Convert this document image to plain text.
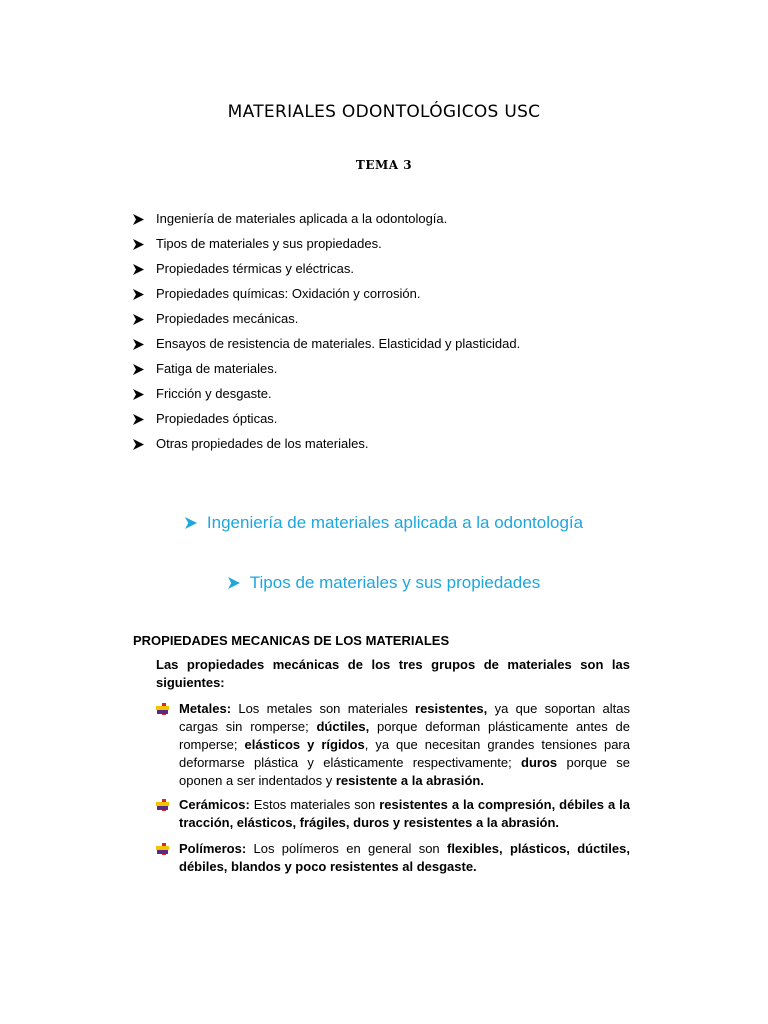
MATERIALES ODONTOLÓGICOS USC
TEMA 3
Ingeniería de materiales aplicada a la odontología.
Tipos de materiales y sus propiedades.
Propiedades térmicas y eléctricas.
Propiedades químicas: Oxidación y corrosión.
Propiedades mecánicas.
Ensayos de resistencia de materiales. Elasticidad y plasticidad.
Fatiga de materiales.
Fricción y desgaste.
Propiedades ópticas.
Otras propiedades de los materiales.
Ingeniería de materiales aplicada a la odontología
Tipos de materiales y sus propiedades
PROPIEDADES MECANICAS DE LOS MATERIALES
Las propiedades mecánicas de los tres grupos de materiales son las siguientes:
Metales: Los metales son materiales resistentes, ya que soportan altas cargas sin romperse; dúctiles, porque deforman plásticamente antes de romperse; elásticos y rígidos, ya que necesitan grandes tensiones para deformarse plástica y elásticamente respectivamente; duros porque se oponen a ser indentados y resistente a la abrasión.
Cerámicos: Estos materiales son resistentes a la compresión, débiles a la tracción, elásticos, frágiles, duros y resistentes a la abrasión.
Polímeros: Los polímeros en general son flexibles, plásticos, dúctiles, débiles, blandos y poco resistentes al desgaste.
